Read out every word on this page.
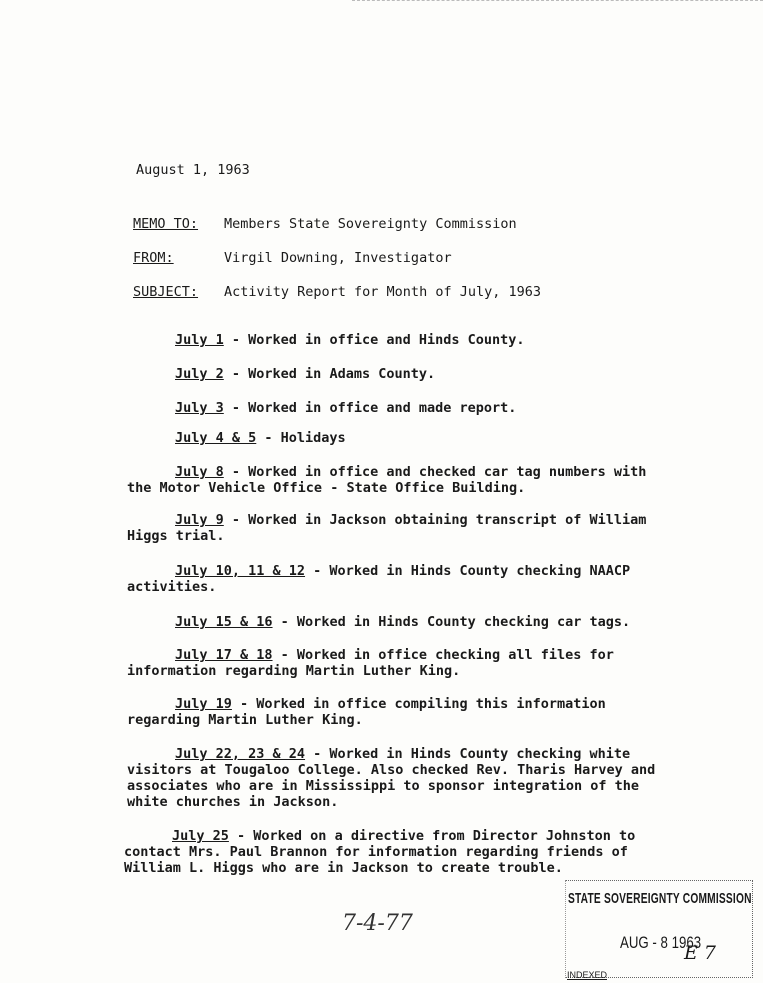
August 1, 1963
MEMO TO: Members State Sovereignty Commission
FROM:	Virgil Downing, Investigator
SUBJECT: Activity Report for Month of July, 1963
July 1 - Worked in office and Hinds County.
July 2 - Worked in Adams County.
July 3 - Worked in office and made report.
July 4 & 5 - Holidays
July 8 - Worked in office and checked car tag numbers with the Motor Vehicle Office - State Office Building.
July 9 - Worked in Jackson obtaining transcript of William Higgs trial.
July 10, 11 & 12 - Worked in Hinds County checking NAACP activities.
July 15 & 16 - Worked in Hinds County checking car tags.
July 17 & 18 - Worked in office checking all files for information regarding Martin Luther King.
July 19 - Worked in office compiling this information regarding Martin Luther King.
July 22, 23 & 24 - Worked in Hinds County checking white visitors at Tougaloo College. Also checked Rev. Tharis Harvey and associates who are in Mississippi to sponsor integration of the white churches in Jackson.
July 25 - Worked on a directive from Director Johnston to contact Mrs. Paul Brannon for information regarding friends of William L. Higgs who are in Jackson to create trouble.
7-4-77
STATE SOVEREIGNTY COMMISSION
AUG - 8 1963
E 7
INDEXED
